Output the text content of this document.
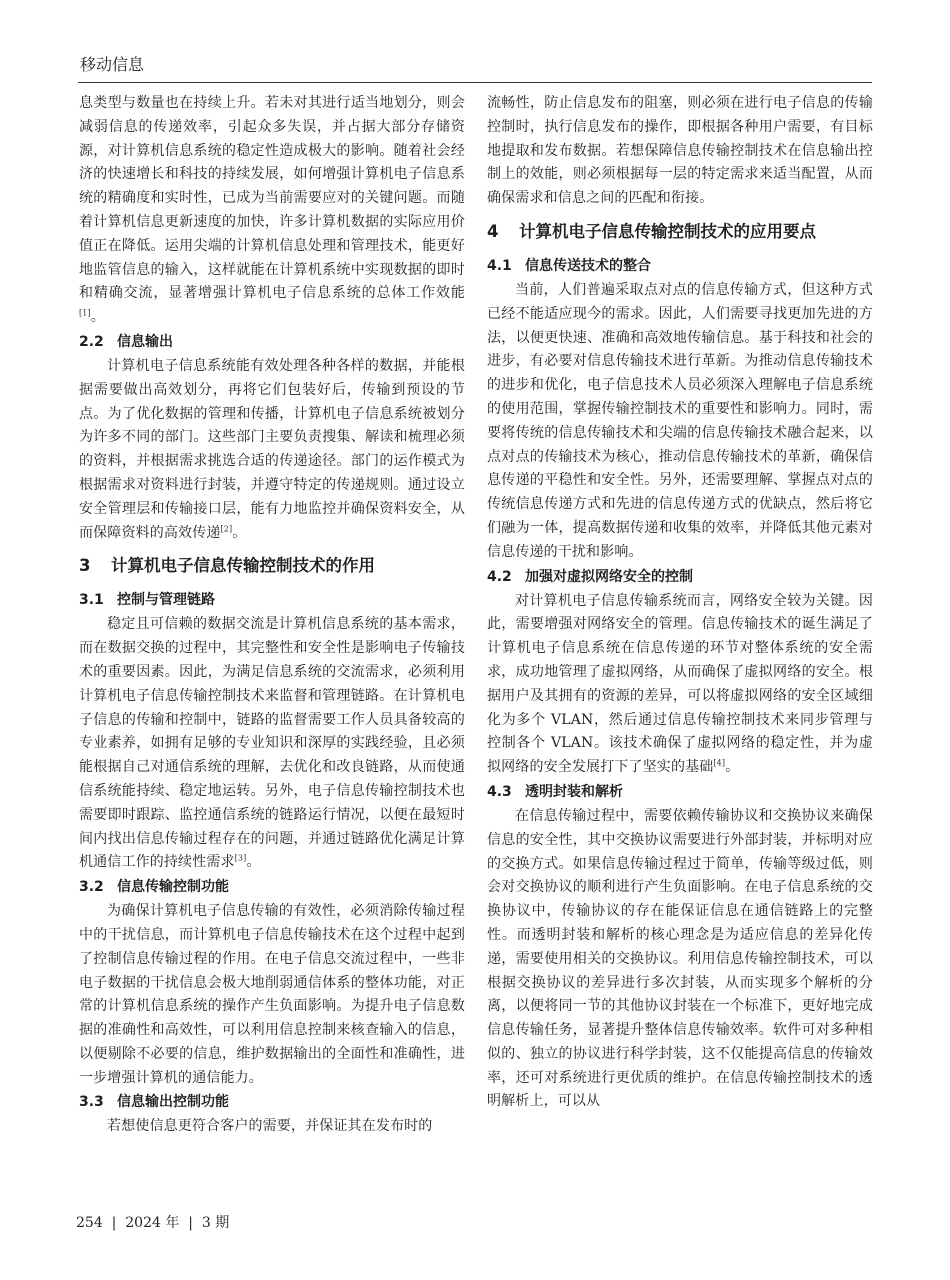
移动信息

息类型与数量也在持续上升。若未对其进行适当地划分，则会减弱信息的传递效率，引起众多失误，并占据大部分存储资源，对计算机信息系统的稳定性造成极大的影响。随着社会经济的快速增长和科技的持续发展，如何增强计算机电子信息系统的精确度和实时性，已成为当前需要应对的关键问题。而随着计算机信息更新速度的加快，许多计算机数据的实际应用价值正在降低。运用尖端的计算机信息处理和管理技术，能更好地监管信息的输入，这样就能在计算机系统中实现数据的即时和精确交流，显著增强计算机电子信息系统的总体工作效能[1]。

2.2 信息输出

计算机电子信息系统能有效处理各种各样的数据，并能根据需要做出高效划分，再将它们包装好后，传输到预设的节点。为了优化数据的管理和传播，计算机电子信息系统被划分为许多不同的部门。这些部门主要负责搜集、解读和梳理必须的资料，并根据需求挑选合适的传递途径。部门的运作模式为根据需求对资料进行封装，并遵守特定的传递规则。通过设立安全管理层和传输接口层，能有力地监控并确保资料安全，从而保障资料的高效传递[2]。

3 计算机电子信息传输控制技术的作用
3.1 控制与管理链路

稳定且可信赖的数据交流是计算机信息系统的基本需求，而在数据交换的过程中，其完整性和安全性是影响电子传输技术的重要因素。因此，为满足信息系统的交流需求，必须利用计算机电子信息传输控制技术来监督和管理链路。在计算机电子信息的传输和控制中，链路的监督需要工作人员具备较高的专业素养，如拥有足够的专业知识和深厚的实践经验，且必须能根据自己对通信系统的理解，去优化和改良链路，从而使通信系统能持续、稳定地运转。另外，电子信息传输控制技术也需要即时跟踪、监控通信系统的链路运行情况，以便在最短时间内找出信息传输过程存在的问题，并通过链路优化满足计算机通信工作的持续性需求[3]。

3.2 信息传输控制功能

为确保计算机电子信息传输的有效性，必须消除传输过程中的干扰信息，而计算机电子信息传输技术在这个过程中起到了控制信息传输过程的作用。在电子信息交流过程中，一些非电子数据的干扰信息会极大地削弱通信体系的整体功能，对正常的计算机信息系统的操作产生负面影响。为提升电子信息数据的准确性和高效性，可以利用信息控制来核查输入的信息，以便剔除不必要的信息，维护数据输出的全面性和准确性，进一步增强计算机的通信能力。

3.3 信息输出控制功能

若想使信息更符合客户的需要，并保证其在发布时的

流畅性，防止信息发布的阻塞，则必须在进行电子信息的传输控制时，执行信息发布的操作，即根据各种用户需要，有目标地提取和发布数据。若想保障信息传输控制技术在信息输出控制上的效能，则必须根据每一层的特定需求来适当配置，从而确保需求和信息之间的匹配和衔接。

4 计算机电子信息传输控制技术的应用要点
4.1 信息传送技术的整合

当前，人们普遍采取点对点的信息传输方式，但这种方式已经不能适应现今的需求。因此，人们需要寻找更加先进的方法，以便更快速、准确和高效地传输信息。基于科技和社会的进步，有必要对信息传输技术进行革新。为推动信息传输技术的进步和优化，电子信息技术人员必须深入理解电子信息系统的使用范围，掌握传输控制技术的重要性和影响力。同时，需要将传统的信息传输技术和尖端的信息传输技术融合起来，以点对点的传输技术为核心，推动信息传输技术的革新，确保信息传递的平稳性和安全性。另外，还需要理解、掌握点对点的传统信息传递方式和先进的信息传递方式的优缺点，然后将它们融为一体，提高数据传递和收集的效率，并降低其他元素对信息传递的干扰和影响。

4.2 加强对虚拟网络安全的控制

对计算机电子信息传输系统而言，网络安全较为关键。因此，需要增强对网络安全的管理。信息传输技术的诞生满足了计算机电子信息系统在信息传递的环节对整体系统的安全需求，成功地管理了虚拟网络，从而确保了虚拟网络的安全。根据用户及其拥有的资源的差异，可以将虚拟网络的安全区域细化为多个 VLAN，然后通过信息传输控制技术来同步管理与控制各个 VLAN。该技术确保了虚拟网络的稳定性，并为虚拟网络的安全发展打下了坚实的基础[4]。

4.3 透明封装和解析

在信息传输过程中，需要依赖传输协议和交换协议来确保信息的安全性，其中交换协议需要进行外部封装，并标明对应的交换方式。如果信息传输过程过于简单，传输等级过低，则会对交换协议的顺利进行产生负面影响。在电子信息系统的交换协议中，传输协议的存在能保证信息在通信链路上的完整性。而透明封装和解析的核心理念是为适应信息的差异化传递，需要使用相关的交换协议。利用信息传输控制技术，可以根据交换协议的差异进行多次封装，从而实现多个解析的分离，以便将同一节的其他协议封装在一个标准下，更好地完成信息传输任务，显著提升整体信息传输效率。软件可对多种相似的、独立的协议进行科学封装，这不仅能提高信息的传输效率，还可对系统进行更优质的维护。在信息传输控制技术的透明解析上，可以从

254  |  2024 年  |  3 期
